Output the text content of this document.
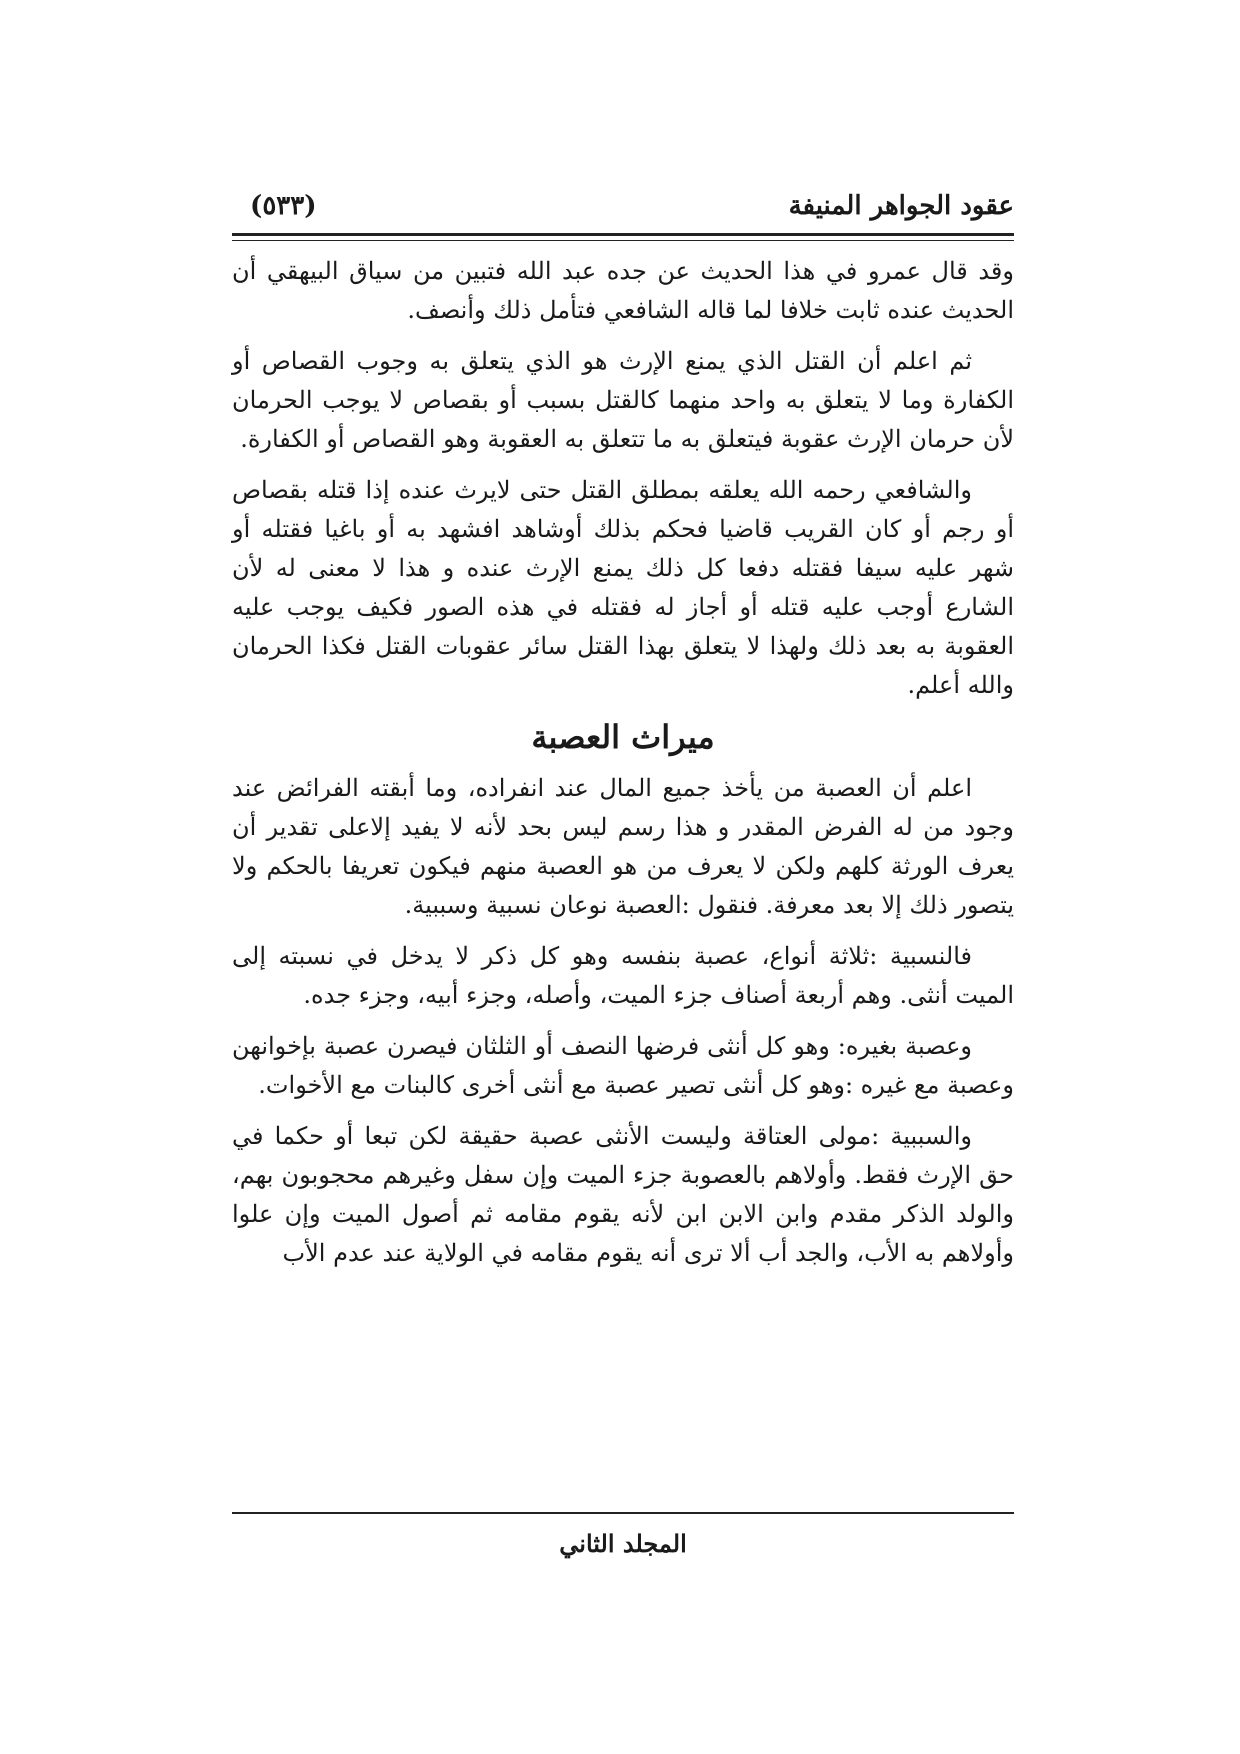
عقود الجواهر المنيفة
(٥٣٣)

وقد قال عمرو في هذا الحديث عن جده عبد الله فتبين من سياق البيهقي أن الحديث عنده ثابت خلافا لما قاله الشافعي فتأمل ذلك وأنصف.

ثم اعلم أن القتل الذي يمنع الإرث هو الذي يتعلق به وجوب القصاص أو الكفارة وما لا يتعلق به واحد منهما كالقتل بسبب أو بقصاص لا يوجب الحرمان لأن حرمان الإرث عقوبة فيتعلق به ما تتعلق به العقوبة وهو القصاص أو الكفارة.

والشافعي رحمه الله يعلقه بمطلق القتل حتى لايرث عنده إذا قتله بقصاص أو رجم أو كان القريب قاضيا فحكم بذلك أوشاهد افشهد به أو باغيا فقتله أو شهر عليه سيفا فقتله دفعا كل ذلك يمنع الإرث عنده و هذا لا معنى له لأن الشارع أوجب عليه قتله أو أجاز له فقتله في هذه الصور فكيف يوجب عليه العقوبة به بعد ذلك ولهذا لا يتعلق بهذا القتل سائر عقوبات القتل فكذا الحرمان والله أعلم.

ميراث العصبة

اعلم أن العصبة من يأخذ جميع المال عند انفراده، وما أبقته الفرائض عند وجود من له الفرض المقدر و هذا رسم ليس بحد لأنه لا يفيد إلاعلى تقدير أن يعرف الورثة كلهم ولكن لا يعرف من هو العصبة منهم فيكون تعريفا بالحكم ولا يتصور ذلك إلا بعد معرفة. فنقول :العصبة نوعان نسبية وسببية.

فالنسبية :ثلاثة أنواع، عصبة بنفسه وهو كل ذكر لا يدخل في نسبته إلى الميت أنثى. وهم أربعة أصناف جزء الميت، وأصله، وجزء أبيه، وجزء جده.

وعصبة بغيره: وهو كل أنثى فرضها النصف أو الثلثان فيصرن عصبة بإخوانهن وعصبة مع غيره :وهو كل أنثى تصير عصبة مع أنثى أخرى كالبنات مع الأخوات.

والسببية :مولى العتاقة وليست الأنثى عصبة حقيقة لكن تبعا أو حكما في حق الإرث فقط. وأولاهم بالعصوبة جزء الميت وإن سفل وغيرهم محجوبون بهم، والولد الذكر مقدم وابن الابن ابن لأنه يقوم مقامه ثم أصول الميت وإن علوا وأولاهم به الأب، والجد أب ألا ترى أنه يقوم مقامه في الولاية عند عدم الأب

المجلد الثاني
